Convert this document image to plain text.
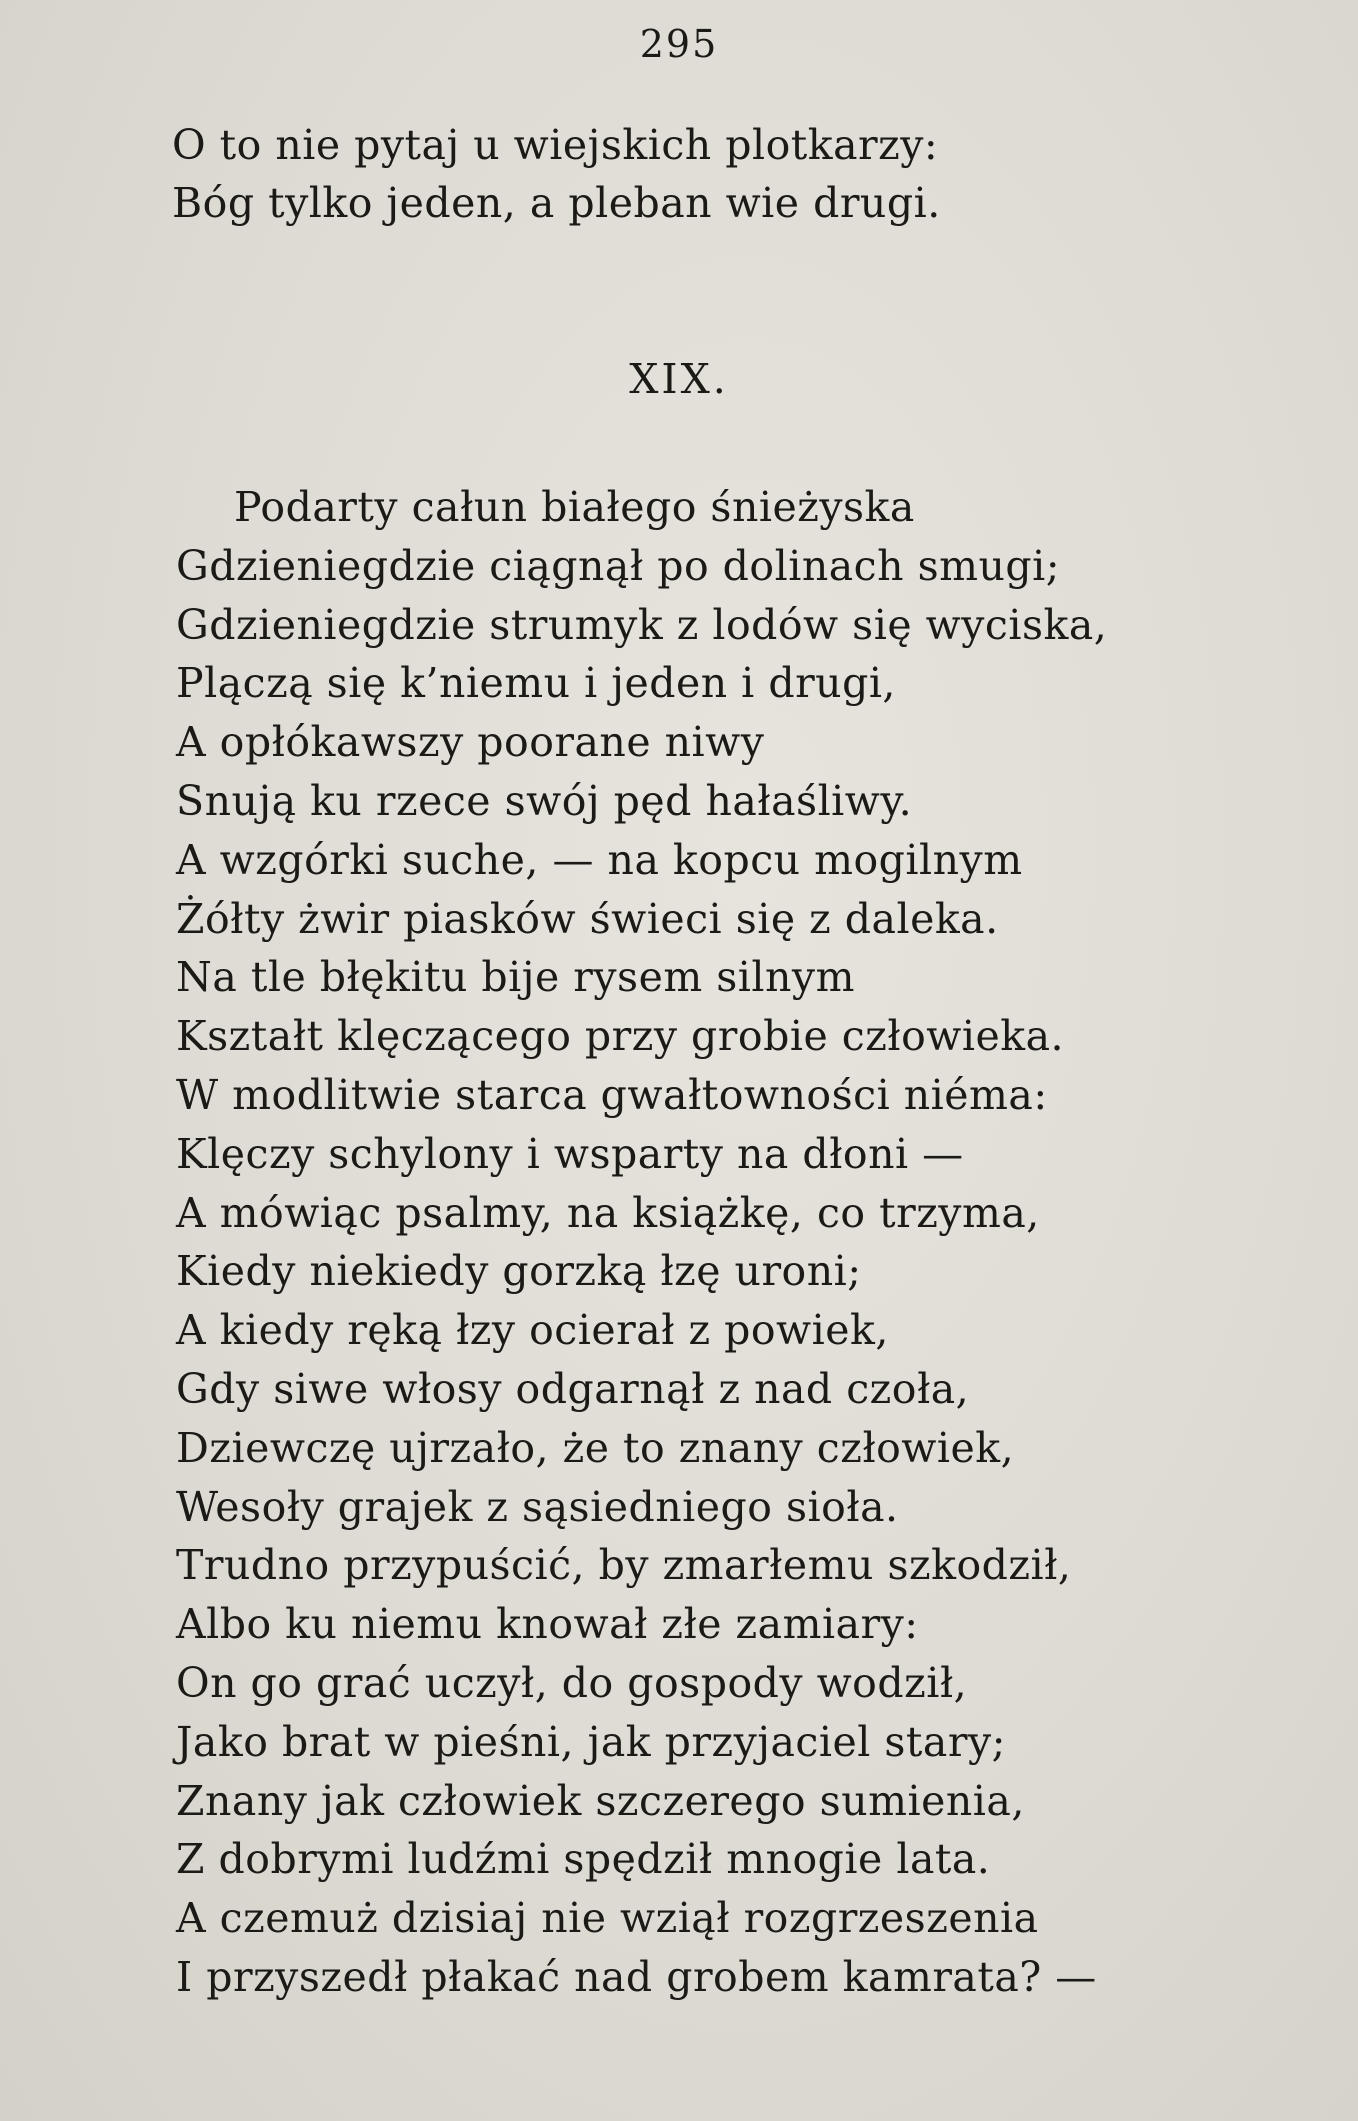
295
O to nie pytaj u wiejskich plotkarzy:
Bóg tylko jeden, a pleban wie drugi.
XIX.
Podarty całun białego śnieżyska
Gdzieniegdzie ciągnął po dolinach smugi;
Gdzieniegdzie strumyk z lodów się wyciska,
Plączą się k’niemu i jeden i drugi,
A opłókawszy poorane niwy
Snują ku rzece swój pęd hałaśliwy.
A wzgórki suche, — na kopcu mogilnym
Żółty żwir piasków świeci się z daleka.
Na tle błękitu bije rysem silnym
Kształt klęczącego przy grobie człowieka.
W modlitwie starca gwałtowności niéma:
Klęczy schylony i wsparty na dłoni —
A mówiąc psalmy, na książkę, co trzyma,
Kiedy niekiedy gorzką łzę uroni;
A kiedy ręką łzy ocierał z powiek,
Gdy siwe włosy odgarnął z nad czoła,
Dziewczę ujrzało, że to znany człowiek,
Wesoły grajek z sąsiedniego sioła.
Trudno przypuścić, by zmarłemu szkodził,
Albo ku niemu knował złe zamiary:
On go grać uczył, do gospody wodził,
Jako brat w pieśni, jak przyjaciel stary;
Znany jak człowiek szczerego sumienia,
Z dobrymi ludźmi spędził mnogie lata.
A czemuż dzisiaj nie wziął rozgrzeszenia
I przyszedł płakać nad grobem kamrata? —
